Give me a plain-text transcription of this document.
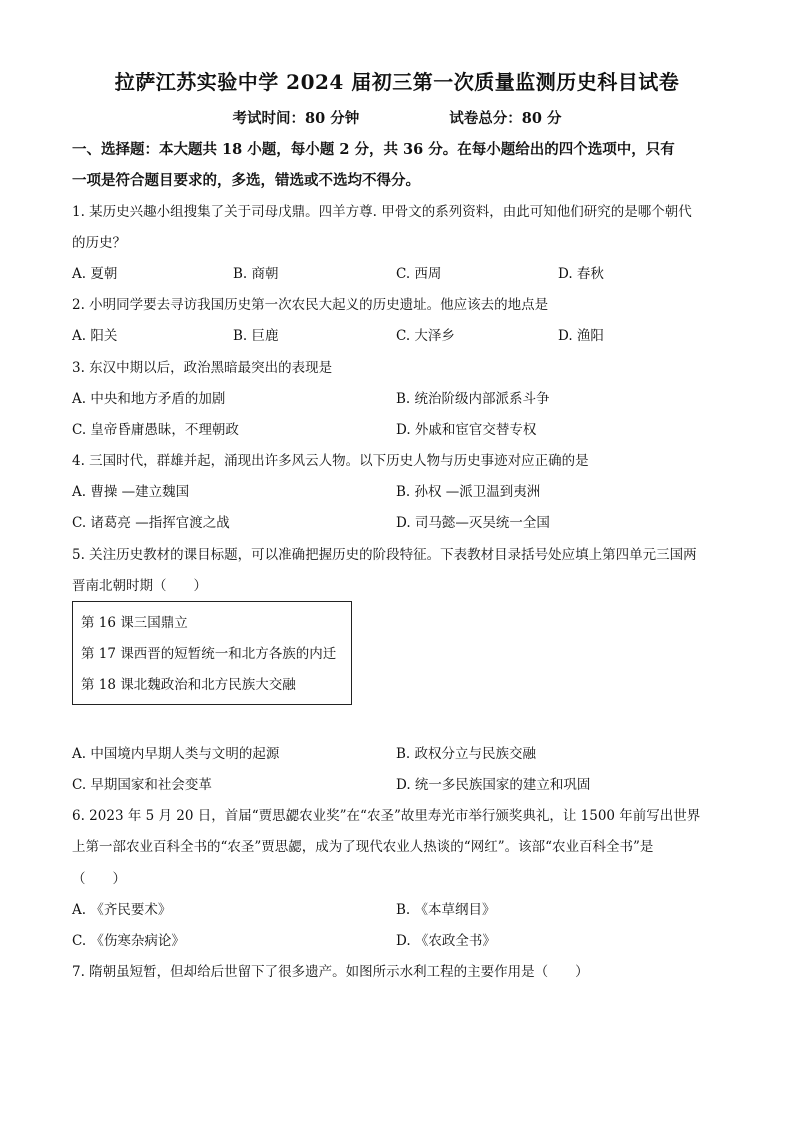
拉萨江苏实验中学 2024 届初三第一次质量监测历史科目试卷
考试时间：80 分钟	试卷总分：80 分
一、选择题：本大题共 18 小题，每小题 2 分，共 36 分。在每小题给出的四个选项中，只有
一项是符合题目要求的，多选，错选或不选均不得分。
1. 某历史兴趣小组搜集了关于司母戊鼎。四羊方尊. 甲骨文的系列资料，由此可知他们研究的是哪个朝代
的历史？
A. 夏朝	B. 商朝	C. 西周	D. 春秋
2. 小明同学要去寻访我国历史第一次农民大起义的历史遗址。他应该去的地点是
A. 阳关	B. 巨鹿	C. 大泽乡	D. 渔阳
3. 东汉中期以后，政治黑暗最突出的表现是
A. 中央和地方矛盾的加剧	B. 统治阶级内部派系斗争
C. 皇帝昏庸愚昧，不理朝政	D. 外戚和宦官交替专权
4. 三国时代，群雄并起，涌现出许多风云人物。以下历史人物与历史事迹对应正确的是
A. 曹操 —建立魏国	B. 孙权 —派卫温到夷洲
C. 诸葛亮 —指挥官渡之战	D. 司马懿—灭吴统一全国
5. 关注历史教材的课目标题，可以准确把握历史的阶段特征。下表教材目录括号处应填上第四单元三国两
晋南北朝时期（　　）
第 16 课三国鼎立
第 17 课西晋的短暂统一和北方各族的内迁
第 18 课北魏政治和北方民族大交融
A. 中国境内早期人类与文明的起源	B. 政权分立与民族交融
C. 早期国家和社会变革	D. 统一多民族国家的建立和巩固
6. 2023 年 5 月 20 日，首届“贾思勰农业奖”在“农圣”故里寿光市举行颁奖典礼，让 1500 年前写出世界
上第一部农业百科全书的“农圣”贾思勰，成为了现代农业人热谈的“网红”。该部“农业百科全书”是
（　　）
A. 《齐民要术》	B. 《本草纲目》
C. 《伤寒杂病论》	D. 《农政全书》
7. 隋朝虽短暂，但却给后世留下了很多遗产。如图所示水利工程的主要作用是（　　）
